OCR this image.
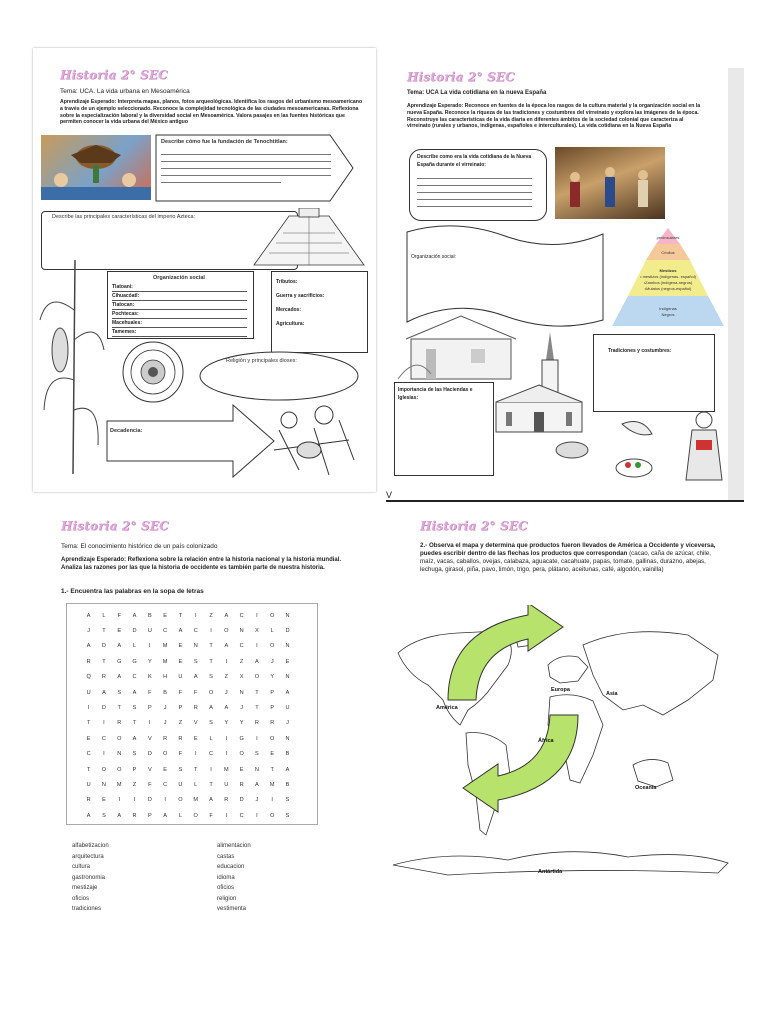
Historia 2° SEC
Tema: UCA. La vida urbana en Mesoamérica
Aprendizaje Esperado: Interpreta mapas, planos, fotos arqueológicas. Identifica los rasgos del urbanismo mesoamericano a través de un ejemplo seleccionado. Reconoce la complejidad tecnológica de las ciudades mesoamericanas. Reflexiona sobre la especialización laboral y la diversidad social en Mesoamérica. Valora pasajes en las fuentes históricas que permiten conocer la vida urbana del México antiguo
Describe cómo fue la fundación de Tenochtitlan:
Describe las principales características del imperio Azteca:
Organización social
Tlatoani:
Cihuacóatl:
Tlatocan:
Pochtecas:
Macehuales:
Tamemes:
Tributos:
Guerra y sacrificios:
Mercados:
Agricultura:
Religión y principales dioses:
Decadencia:
Historia 2° SEC
Tema: UCA La vida cotidiana en la nueva España
Aprendizaje Esperado: Reconoce en fuentes de la época los rasgos de la cultura material y la organización social en la nueva España. Reconoce la riqueza de las tradiciones y costumbres del virreinato y explora las imágenes de la época. Reconstruye las características de la vida diaria en diferentes ámbitos de la sociedad colonial que caracteriza al virreinato (rurales y urbanos, indígenas, españoles e interculturales). La vida cotidiana en la Nueva España
Describe como era la vida cotidiana de la Nueva España durante el virreinato:
Organización social:
peninsulares
Criollos
Mestizos
• mestizos (indígenas- español)
•Zambos (indígena-negros)
•Mulatos (negros-español)
Indígenas
Negros
Tradiciones y costumbres:
Importancia de las Haciendas e Iglesias:
V
Historia 2° SEC
Tema: El conocimiento histórico de un país colonizado
Aprendizaje Esperado: Reflexiona sobre la relación entre la historia nacional y la historia mundial. Analiza las razones por las que la historia de occidente es también parte de nuestra historia.
1.- Encuentra las palabras en la sopa de letras
A	L	F	A	B	E	T	I	Z	A	C	I	O	N
J	T	E	D	U	C	A	C	I	O	N	X	L	D
A	D	A	L	I	M	E	N	T	A	C	I	O	N
R	T	G	G	Y	M	E	S	T	I	Z	A	J	E
Q	R	A	C	K	H	U	A	S	Z	X	O	Y	N
U	A	S	A	F	B	F	F	O	J	N	T	P	A
I	D	T	S	P	J	P	R	A	A	J	T	P	U
T	I	R	T	I	J	Z	V	S	Y	Y	R	R	J
E	C	O	A	V	R	R	E	L	I	G	I	O	N
C	I	N	S	D	O	F	I	C	I	O	S	E	B
T	O	O	P	V	E	S	T	I	M	E	N	T	A
U	N	M	Z	F	C	U	L	T	U	R	A	M	B
R	E	I	I	D	I	O	M	A	R	D	J	I	S
A	S	A	R	P	A	L	O	F	I	C	I	O	S
alfabetizacion
arquitectura
cultura
gastronomia
mestizaje
oficios
tradiciones
alimentacion
castas
educacion
idioma
oficios
religion
vestimenta
Historia 2° SEC
2.- Observa el mapa y determina que productos fueron llevados de América a Occidente y viceversa, puedes escribir dentro de las flechas los productos que correspondan (cacao, caña de azúcar, chile, maíz, vacas, caballos, ovejas, calabaza, aguacate, cacahuate, papas, tomate, gallinas, durazno, abejas, lechuga, girasol, piña, pavo, limón, trigo, pera, plátano, aceitunas, café, algodón, vainilla)
Europa
Asia
América
África
Oceanía
Antártida
